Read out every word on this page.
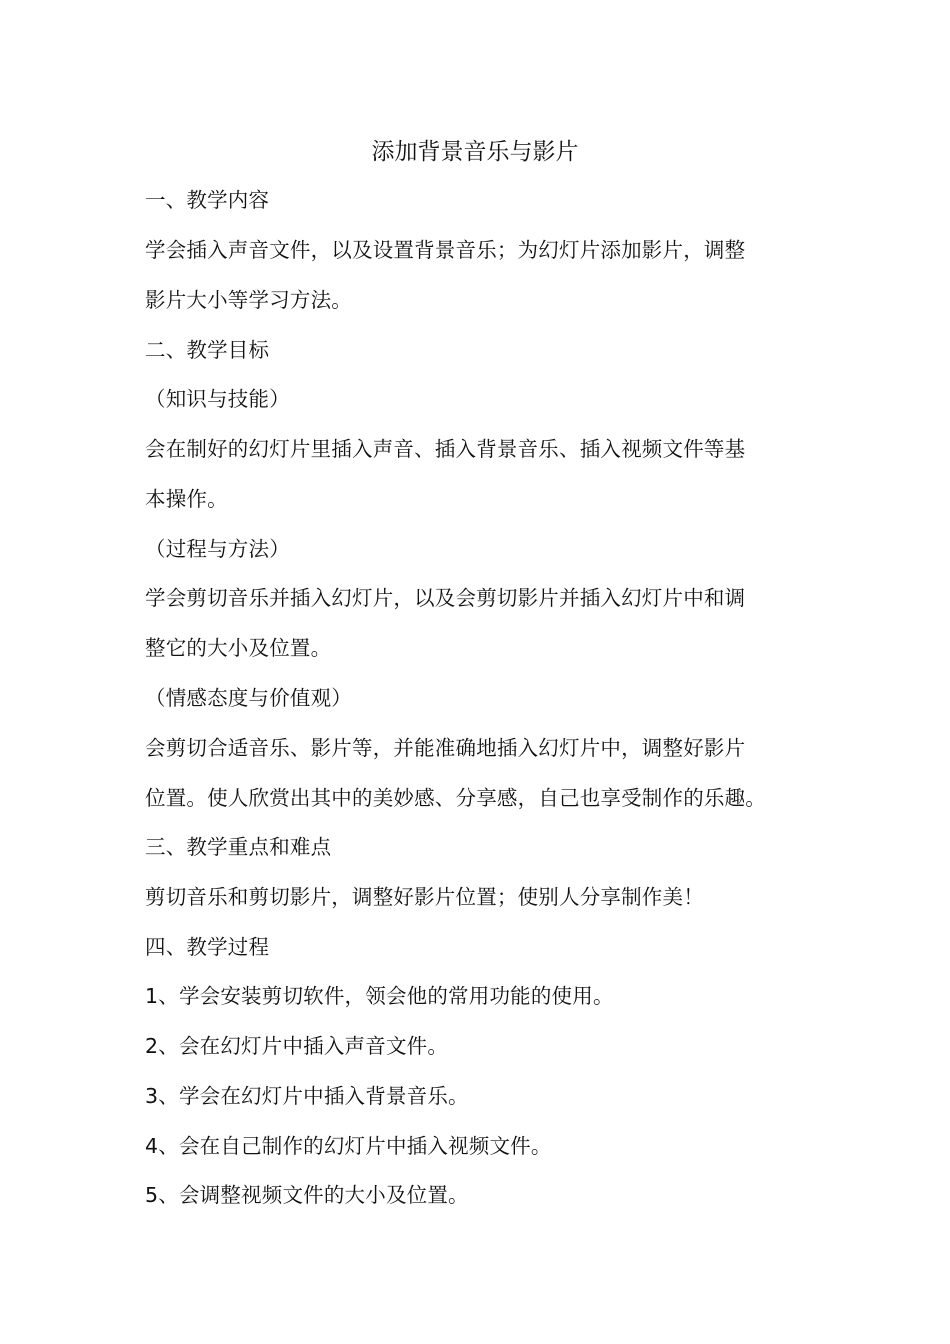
添加背景音乐与影片
一、教学内容
学会插入声音文件，以及设置背景音乐；为幻灯片添加影片，调整
影片大小等学习方法。
二、教学目标
（知识与技能）
会在制好的幻灯片里插入声音、插入背景音乐、插入视频文件等基
本操作。
（过程与方法）
学会剪切音乐并插入幻灯片，以及会剪切影片并插入幻灯片中和调
整它的大小及位置。
（情感态度与价值观）
会剪切合适音乐、影片等，并能准确地插入幻灯片中，调整好影片
位置。使人欣赏出其中的美妙感、分享感，自己也享受制作的乐趣。
三、教学重点和难点
剪切音乐和剪切影片，调整好影片位置；使别人分享制作美！
四、教学过程
1、学会安装剪切软件，领会他的常用功能的使用。
2、会在幻灯片中插入声音文件。
3、学会在幻灯片中插入背景音乐。
4、会在自己制作的幻灯片中插入视频文件。
5、会调整视频文件的大小及位置。
